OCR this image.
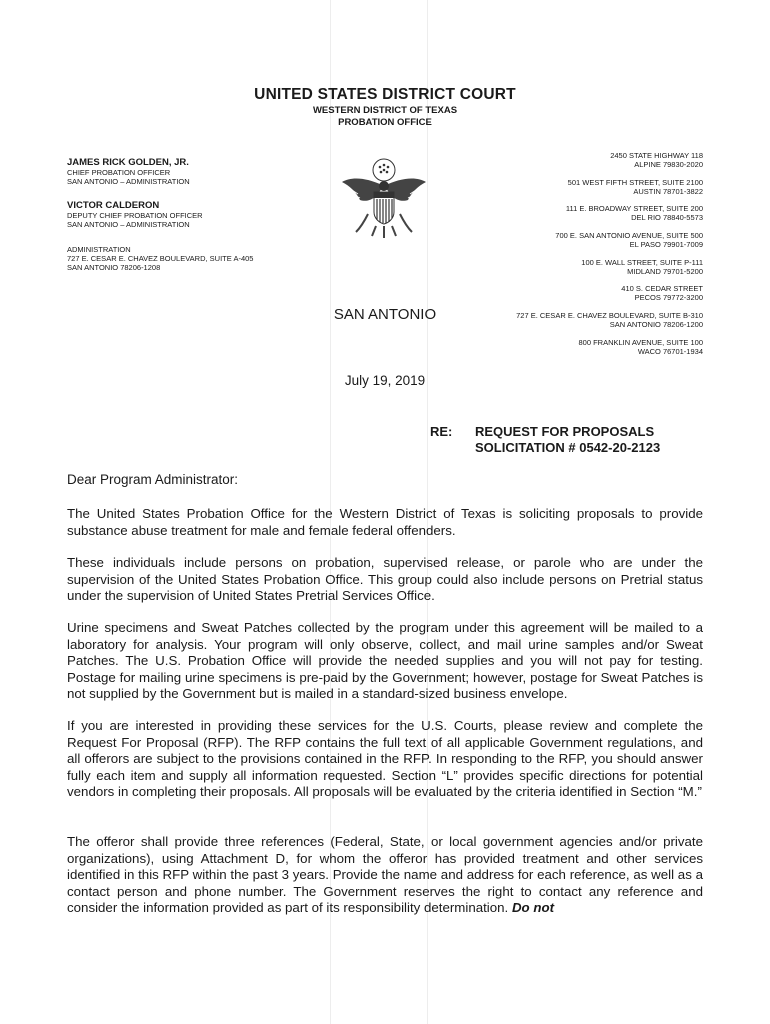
UNITED STATES DISTRICT COURT
WESTERN DISTRICT OF TEXAS
PROBATION OFFICE
JAMES RICK GOLDEN, JR.
CHIEF PROBATION OFFICER
SAN ANTONIO – ADMINISTRATION
VICTOR CALDERON
DEPUTY CHIEF PROBATION OFFICER
SAN ANTONIO – ADMINISTRATION
ADMINISTRATION
727 E. CESAR E. CHAVEZ BOULEVARD, SUITE A-405
SAN ANTONIO 78206-1208
2450 STATE HIGHWAY 118
ALPINE 79830-2020
501 WEST FIFTH STREET, SUITE 2100
AUSTIN 78701-3822
111 E. BROADWAY STREET, SUITE 200
DEL RIO 78840-5573
700 E. SAN ANTONIO AVENUE, SUITE 500
EL PASO 79901-7009
100 E. WALL STREET, SUITE P-111
MIDLAND 79701-5200
410 S. CEDAR STREET
PECOS 79772-3200
727 E. CESAR E. CHAVEZ BOULEVARD, SUITE B-310
SAN ANTONIO 78206-1200
800 FRANKLIN AVENUE, SUITE 100
WACO 76701-1934
SAN ANTONIO
July 19, 2019
RE: REQUEST FOR PROPOSALS
SOLICITATION # 0542-20-2123
Dear Program Administrator:
The United States Probation Office for the Western District of Texas is soliciting proposals to provide substance abuse treatment for male and female federal offenders.
These individuals include persons on probation, supervised release, or parole who are under the supervision of the United States Probation Office. This group could also include persons on Pretrial status under the supervision of United States Pretrial Services Office.
Urine specimens and Sweat Patches collected by the program under this agreement will be mailed to a laboratory for analysis. Your program will only observe, collect, and mail urine samples and/or Sweat Patches. The U.S. Probation Office will provide the needed supplies and you will not pay for testing. Postage for mailing urine specimens is pre-paid by the Government; however, postage for Sweat Patches is not supplied by the Government but is mailed in a standard-sized business envelope.
If you are interested in providing these services for the U.S. Courts, please review and complete the Request For Proposal (RFP). The RFP contains the full text of all applicable Government regulations, and all offerors are subject to the provisions contained in the RFP. In responding to the RFP, you should answer fully each item and supply all information requested. Section “L” provides specific directions for potential vendors in completing their proposals. All proposals will be evaluated by the criteria identified in Section “M.”
The offeror shall provide three references (Federal, State, or local government agencies and/or private organizations), using Attachment D, for whom the offeror has provided treatment and other services identified in this RFP within the past 3 years. Provide the name and address for each reference, as well as a contact person and phone number. The Government reserves the right to contact any reference and consider the information provided as part of its responsibility determination. Do not
